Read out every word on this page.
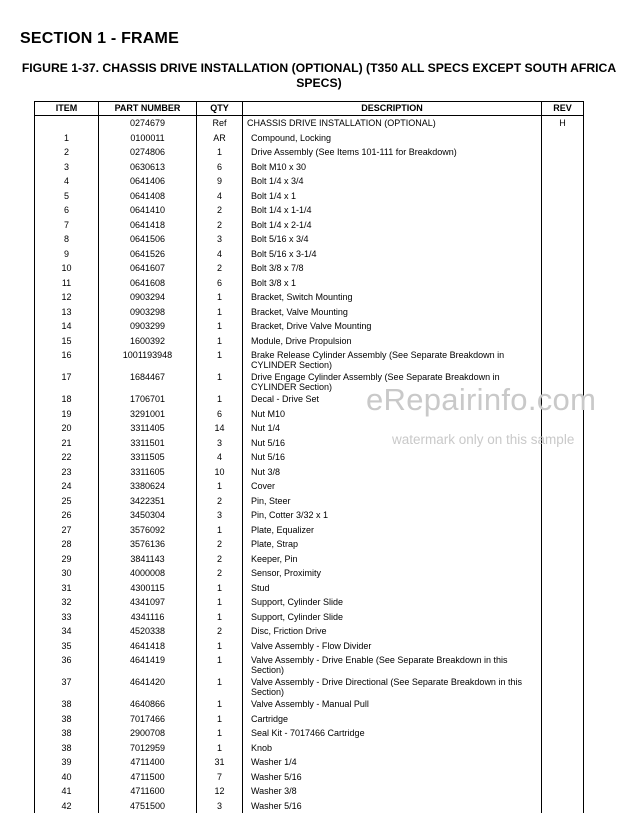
SECTION 1 - FRAME
FIGURE 1-37. CHASSIS DRIVE INSTALLATION (OPTIONAL) (T350 ALL SPECS EXCEPT SOUTH AFRICA SPECS)
ITEM	PART NUMBER	QTY	DESCRIPTION	REV
	0274679	Ref	CHASSIS DRIVE INSTALLATION (OPTIONAL)	H
1	0100011	AR	Compound, Locking	
2	0274806	1	Drive Assembly (See Items 101-111 for Breakdown)	
3	0630613	6	Bolt M10 x 30	
4	0641406	9	Bolt 1/4 x 3/4	
5	0641408	4	Bolt 1/4 x 1	
6	0641410	2	Bolt 1/4 x 1-1/4	
7	0641418	2	Bolt 1/4 x 2-1/4	
8	0641506	3	Bolt 5/16 x 3/4	
9	0641526	4	Bolt 5/16 x 3-1/4	
10	0641607	2	Bolt 3/8 x 7/8	
11	0641608	6	Bolt 3/8 x 1	
12	0903294	1	Bracket, Switch Mounting	
13	0903298	1	Bracket, Valve Mounting	
14	0903299	1	Bracket, Drive Valve Mounting	
15	1600392	1	Module, Drive Propulsion	
16	1001193948	1	Brake Release Cylinder Assembly (See Separate Breakdown in CYLINDER Section)	
17	1684467	1	Drive Engage Cylinder Assembly (See Separate Breakdown in CYLINDER Section)	
18	1706701	1	Decal - Drive Set	
19	3291001	6	Nut M10	
20	3311405	14	Nut 1/4	
21	3311501	3	Nut 5/16	
22	3311505	4	Nut 5/16	
23	3311605	10	Nut 3/8	
24	3380624	1	Cover	
25	3422351	2	Pin, Steer	
26	3450304	3	Pin, Cotter 3/32 x 1	
27	3576092	1	Plate, Equalizer	
28	3576136	2	Plate, Strap	
29	3841143	2	Keeper, Pin	
30	4000008	2	Sensor, Proximity	
31	4300115	1	Stud	
32	4341097	1	Support, Cylinder Slide	
33	4341116	1	Support, Cylinder Slide	
34	4520338	2	Disc, Friction Drive	
35	4641418	1	Valve Assembly - Flow Divider	
36	4641419	1	Valve Assembly - Drive Enable (See Separate Breakdown in this Section)	
37	4641420	1	Valve Assembly - Drive Directional (See Separate Breakdown in this Section)	
38	4640866	1	Valve Assembly - Manual Pull	
38	7017466	1	Cartridge	
38	2900708	1	Seal Kit - 7017466 Cartridge	
38	7012959	1	Knob	
39	4711400	31	Washer 1/4	
40	4711500	7	Washer 5/16	
41	4711600	12	Washer 3/8	
42	4751500	3	Washer 5/16	
eRepairinfo.com
watermark only on this sample
